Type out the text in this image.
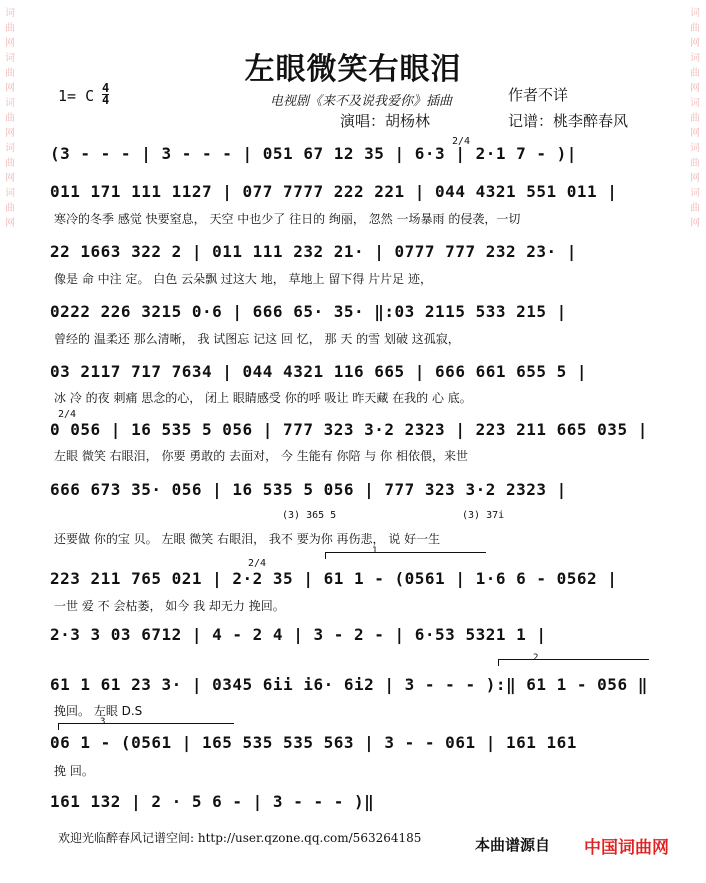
词
曲
网
词
曲
网
词
曲
网
词
曲
网
词
曲
网
词
曲
网
词
曲
网
词
曲
网
词
曲
网
词
曲
网
左眼微笑右眼泪
1= C 4
4	电视剧《来不及说我爱你》插曲	作者不详
演唱：胡杨林	记谱：桃李醉春风
2/4
2/4
2/4
1
2
3
(3 - - - | 3 - - - | 051 67 12 35 | 6·3 | 2·1 7 - )|
011 171 111 1127 | 077 7777 222 221 | 044 4321 551 011 |
寒冷的冬季 感觉 快要窒息， 天空 中也少了 往日的 绚丽， 忽然 一场暴雨 的侵袭，一切
22 1663 322 2 | 011 111 232 21· | 0777 777 232 23· |
像是 命 中注 定。 白色 云朵飘 过这大 地， 草地上 留下得 片片足 迹，
0222 226 3215 0·6 | 666 65· 35· ‖:03 2115 533 215 |
曾经的 温柔还 那么清晰， 我 试图忘 记这 回 忆， 那 天 的雪 划破 这孤寂，
03 2117 717 7634 | 044 4321 116 665 | 666 661 655 5 |
冰 冷 的夜 刺痛 思念的心， 闭上 眼睛感受 你的呼 吸让 昨天藏 在我的 心 底。
0 056 | 16 535 5 056 | 777 323 3·2 2323 | 223 211 665 035 |
左眼 微笑 右眼泪， 你要 勇敢的 去面对， 今 生能有 你陪 与 你 相依偎，来世
666 673 35· 056 | 16 535 5 056 | 777 323 3·2 2323 |
(3) 365 5	(3) 37i
还要做 你的宝 贝。 左眼 微笑 右眼泪， 我不 要为你 再伤悲， 说 好一生
223 211 765 021 | 2·2 35 | 61 1 - (0561 | 1·6 6 - 0562 |
一世 爱 不 会枯萎， 如今 我 却无力 挽回。
2·3 3 03 6712 | 4 - 2 4 | 3 - 2 - | 6·53 5321 1 |
61 1 61 23 3· | 0345 6ii i6· 6i2 | 3 - - - ):‖ 61 1 - 056 ‖
挽回。 左眼 D.S
06 1 - (0561 | 165 535 535 563 | 3 - - 061 | 161 161
挽 回。
161 132 | 2 · 5 6 - | 3 - - - )‖
欢迎光临醉春风记谱空间: http://user.qzone.qq.com/563264185	本曲谱源自 中国词曲网
